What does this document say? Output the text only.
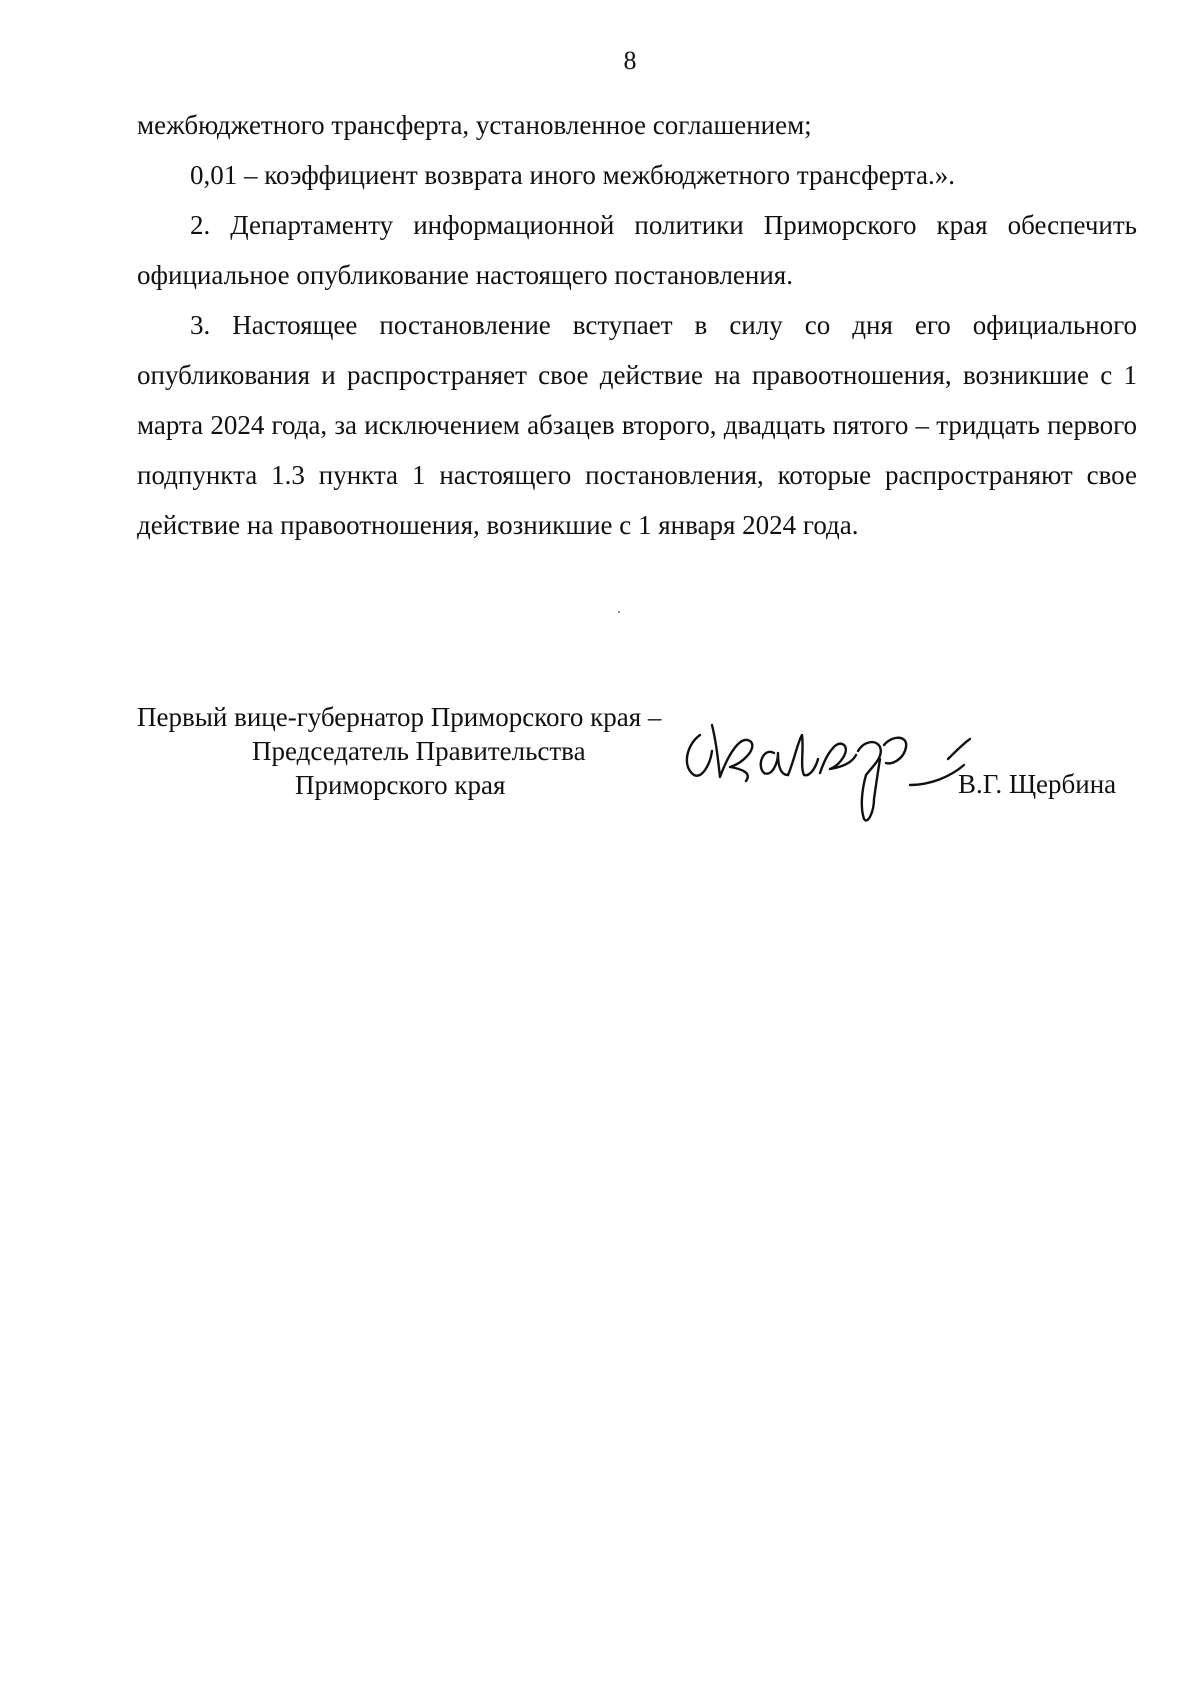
8

межбюджетного трансферта, установленное соглашением;

0,01 – коэффициент возврата иного межбюджетного трансферта.».

2. Департаменту информационной политики Приморского края обеспечить официальное опубликование настоящего постановления.

3. Настоящее постановление вступает в силу со дня его официального опубликования и распространяет свое действие на правоотношения, возникшие с 1 марта 2024 года, за исключением абзацев второго, двадцать пятого – тридцать первого подпункта 1.3 пункта 1 настоящего постановления, которые распространяют свое действие на правоотношения, возникшие с 1 января 2024 года.

Первый вице-губернатор Приморского края –
Председатель Правительства
Приморского края	В.Г. Щербина
